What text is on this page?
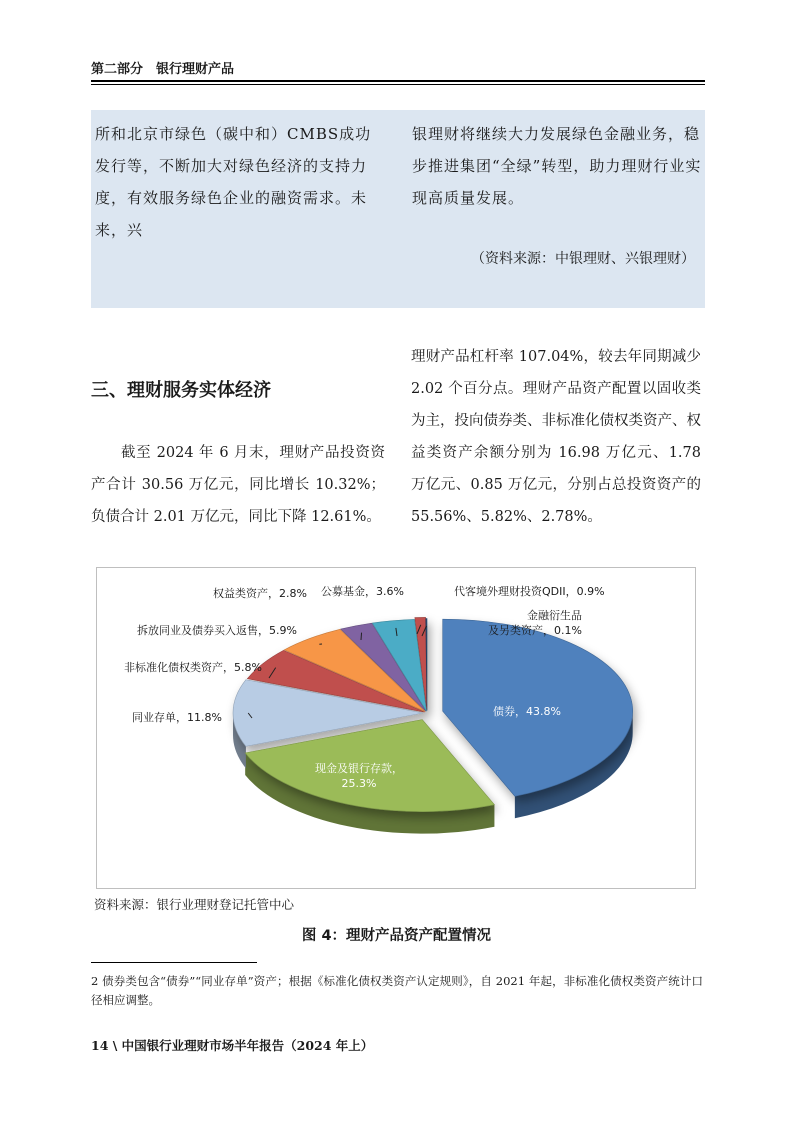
第二部分　银行理财产品
所和北京市绿色（碳中和）CMBS成功发行等，不断加大对绿色经济的支持力度，有效服务绿色企业的融资需求。未来，兴
银理财将继续大力发展绿色金融业务，稳步推进集团“全绿”转型，助力理财行业实现高质量发展。
（资料来源：中银理财、兴银理财）
三、理财服务实体经济
截至 2024 年 6 月末，理财产品投资资产合计 30.56 万亿元，同比增长 10.32%；负债合计 2.01 万亿元，同比下降 12.61%。
理财产品杠杆率 107.04%，较去年同期减少 2.02 个百分点。理财产品资产配置以固收类为主，投向债券类、非标准化债权类资产、权益类资产余额分别为 16.98 万亿元、1.78 万亿元、0.85 万亿元，分别占总投资资产的 55.56%、5.82%、2.78%。
债券，43.8%
现金及银行存款，
25.3%
同业存单，11.8%
非标准化债权类资产，5.8%
拆放同业及债券买入返售，5.9%
权益类资产，2.8% 公募基金，3.6%	代客境外理财投资QDII，0.9%
金融衍生品
及另类资产，0.1%
资料来源：银行业理财登记托管中心
图 4：理财产品资产配置情况
2 债券类包含“债券”“同业存单”资产；根据《标准化债权类资产认定规则》，自 2021 年起，非标准化债权类资产统计口径相应调整。
14 \ 中国银行业理财市场半年报告（2024 年上）
